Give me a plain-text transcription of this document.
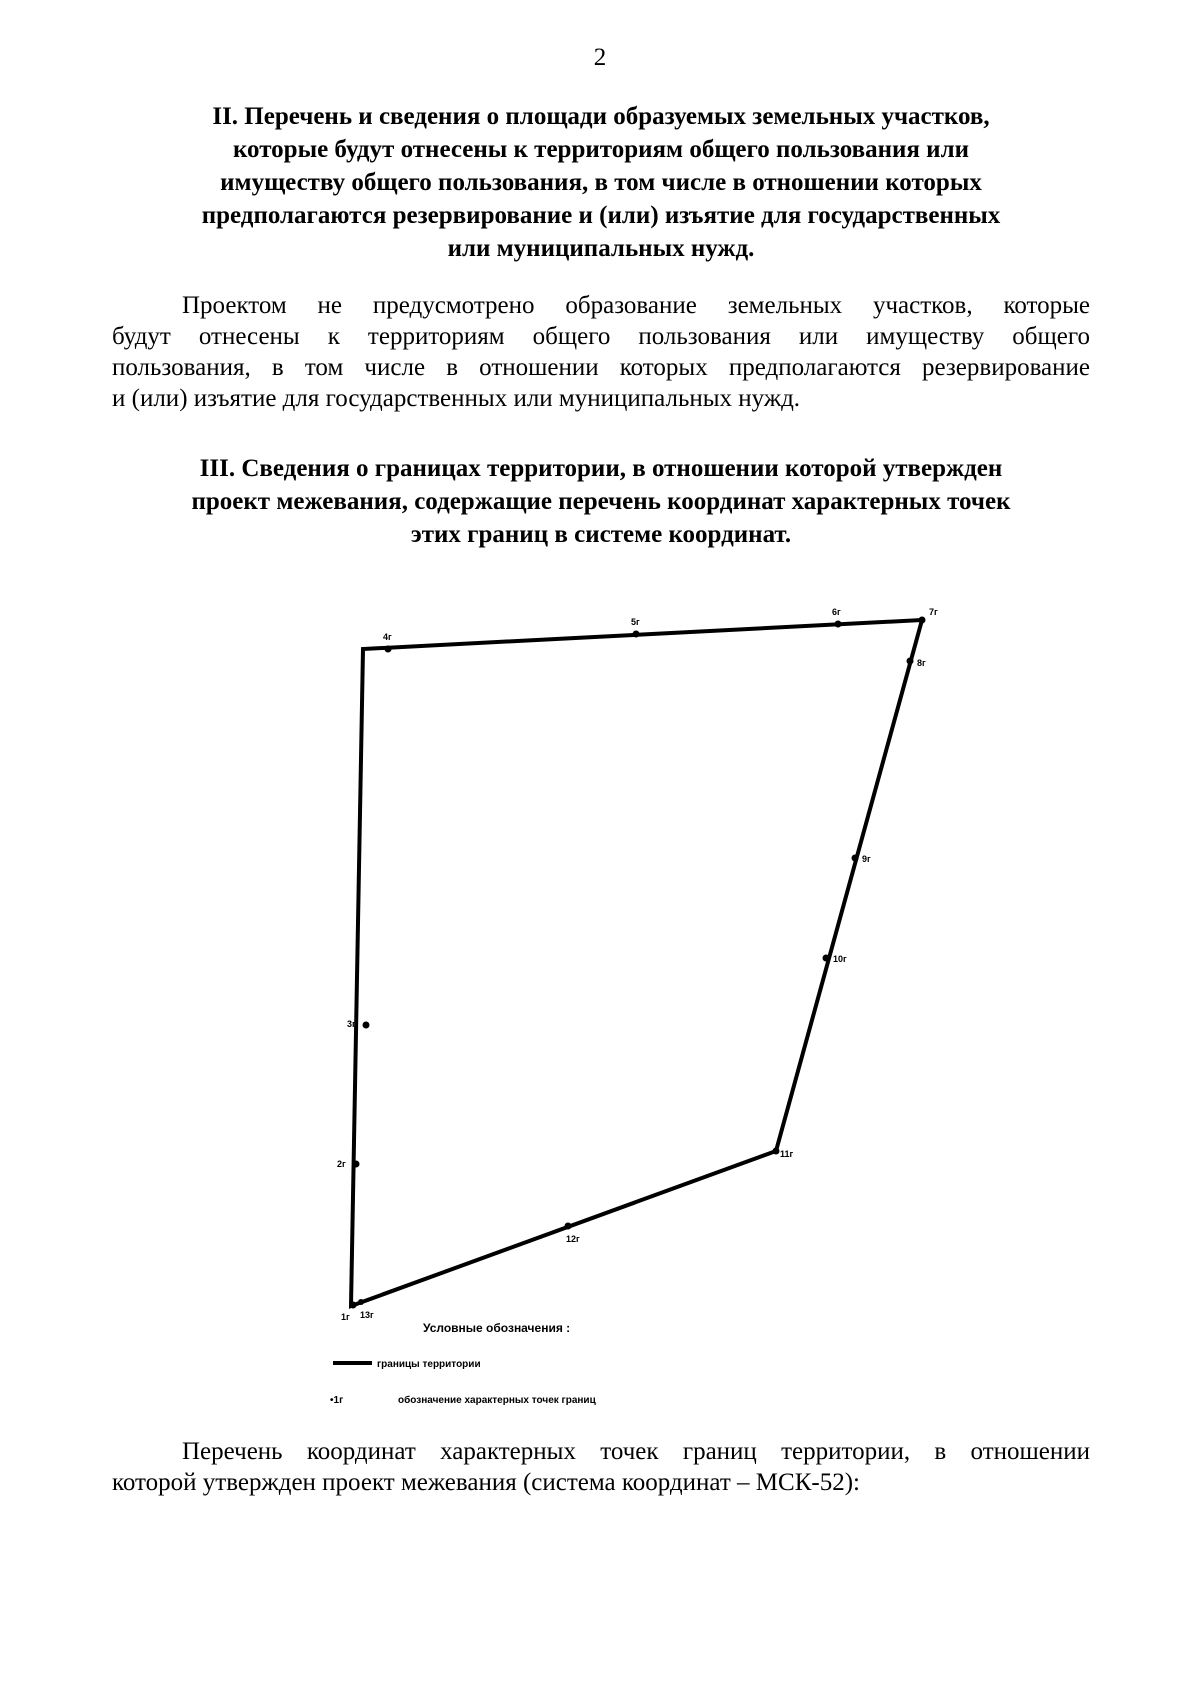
2

II. Перечень и сведения о площади образуемых земельных участков,
которые будут отнесены к территориям общего пользования или
имуществу общего пользования, в том числе в отношении которых
предполагаются резервирование и (или) изъятие для государственных
или муниципальных нужд.

Проектом не предусмотрено образование земельных участков, которые
будут отнесены к территориям общего пользования или имуществу общего
пользования, в том числе в отношении которых предполагаются резервирование
и (или) изъятие для государственных или муниципальных нужд.

III. Сведения о границах территории, в отношении которой утвержден
проект межевания, содержащие перечень координат характерных точек
этих границ в системе координат.

1г
2г
3г
4г
5г
6г	7г
8г
9г
10г
11г
12г
13г
Условные обозначения :
границы территории
•1г	обозначение характерных точек границ
Перечень координат характерных точек границ территории, в отношении
которой утвержден проект межевания (система координат – МСК-52):
